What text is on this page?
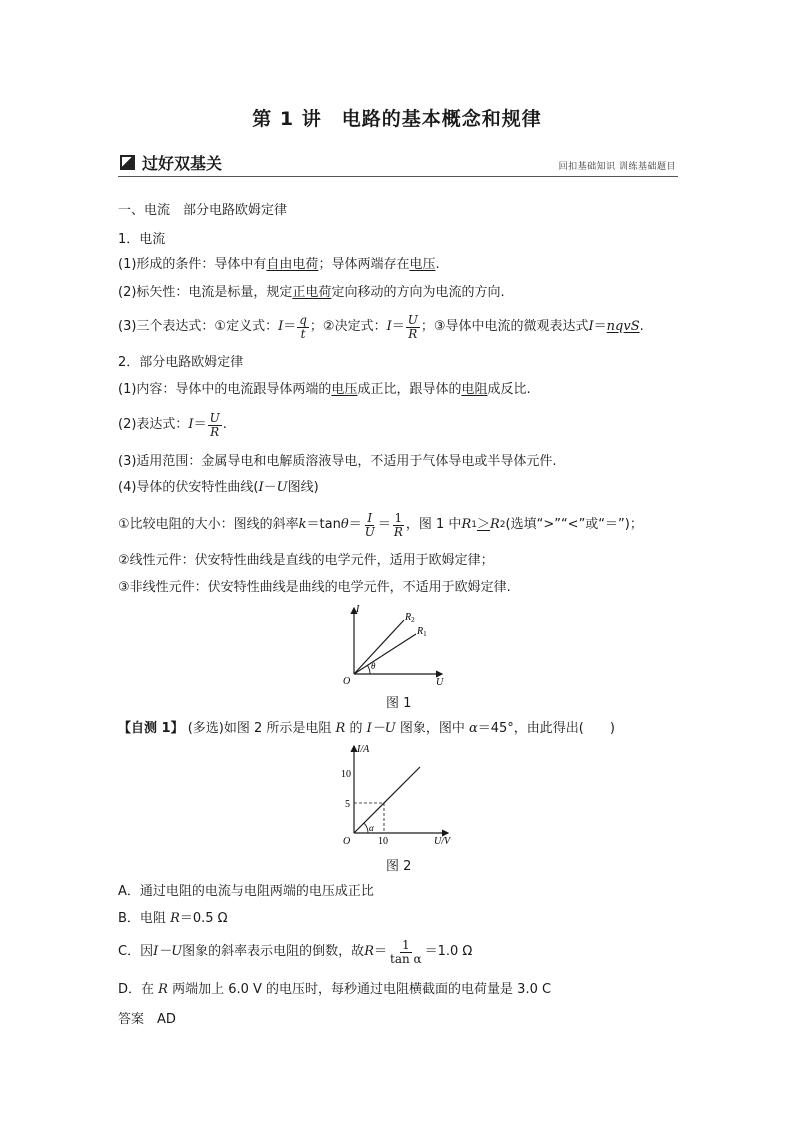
第 1 讲　电路的基本概念和规律
过好双基关	回扣基础知识 训练基础题目
一、电流　部分电路欧姆定律
1．电流
(1)形成的条件：导体中有自由电荷；导体两端存在电压.
(2)标矢性：电流是标量，规定正电荷定向移动的方向为电流的方向.
(3)三个表达式：①定义式： $I = \frac{q}{t}$ ；②决定式： $I = \frac{U}{R}$ ；③导体中电流的微观表达式 I ＝ nqvS .
2．部分电路欧姆定律
(1)内容：导体中的电流跟导体两端的电压成正比，跟导体的电阻成反比.
(2)表达式： $I = \frac{U}{R}$ .
(3)适用范围：金属导电和电解质溶液导电，不适用于气体导电或半导体元件.
(4)导体的伏安特性曲线(I－U图线)
①比较电阻的大小：图线的斜率 k ＝tan $\theta = \frac{I}{U} = \frac{1}{R}$ ，图 1 中 R 1 ＞ R 2 (选填“>”“<”或“＝”)；
②线性元件：伏安特性曲线是直线的电学元件，适用于欧姆定律；
③非线性元件：伏安特性曲线是曲线的电学元件，不适用于欧姆定律.
I
U
O
θ
$R_2$
$R_1$
图 1
【自测 1】 (多选)如图 2 所示是电阻 R 的 I－U 图象，图中 α＝45°，由此得出(　　)
I/A
U/V
O
α
10
5
10
图 2
A．通过电阻的电流与电阻两端的电压成正比
B．电阻 R＝0.5 Ω
C．因 I－U 图象的斜率表示电阻的倒数，故 $R = \frac{1}{\text{tan α}} =1.0$ Ω
D．在 R 两端加上 6.0 V 的电压时，每秒通过电阻横截面的电荷量是 3.0 C
答案　AD
